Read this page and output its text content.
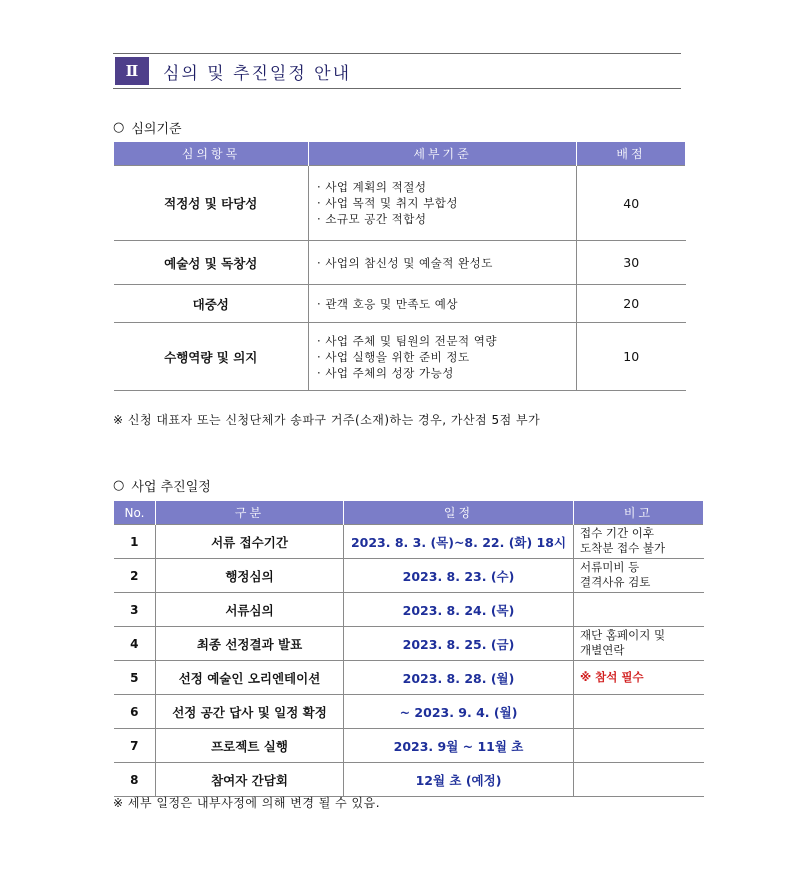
Ⅱ	심의 및 추진일정 안내
○ 심의기준
심의항목	세부기준	배점
적정성 및 타당성	· 사업 계획의 적절성
· 사업 목적 및 취지 부합성
· 소규모 공간 적합성	40
예술성 및 독창성	· 사업의 참신성 및 예술적 완성도	30
대중성	· 관객 호응 및 만족도 예상	20
수행역량 및 의지	· 사업 주체 및 팀원의 전문적 역량
· 사업 실행을 위한 준비 정도
· 사업 주체의 성장 가능성	10
※ 신청 대표자 또는 신청단체가 송파구 거주(소재)하는 경우, 가산점 5점 부가
○ 사업 추진일정
No.	구분	일정	비고
1	서류 접수기간	2023. 8. 3. (목)~8. 22. (화) 18시	접수 기간 이후
도착분 접수 불가

2	행정심의	2023. 8. 23. (수)	서류미비 등
결격사유 검토

3	서류심의	2023. 8. 24. (목)	
4	최종 선정결과 발표	2023. 8. 25. (금)	재단 홈페이지 및
개별연락

5	선정 예술인 오리엔테이션	2023. 8. 28. (월)	※ 참석 필수
6	선정 공간 답사 및 일정 확정	~ 2023. 9. 4. (월)	
7	프로젝트 실행	2023. 9월 ~ 11월 초	
8	참여자 간담회	12월 초 (예정)	
※ 세부 일정은 내부사정에 의해 변경 될 수 있음.
